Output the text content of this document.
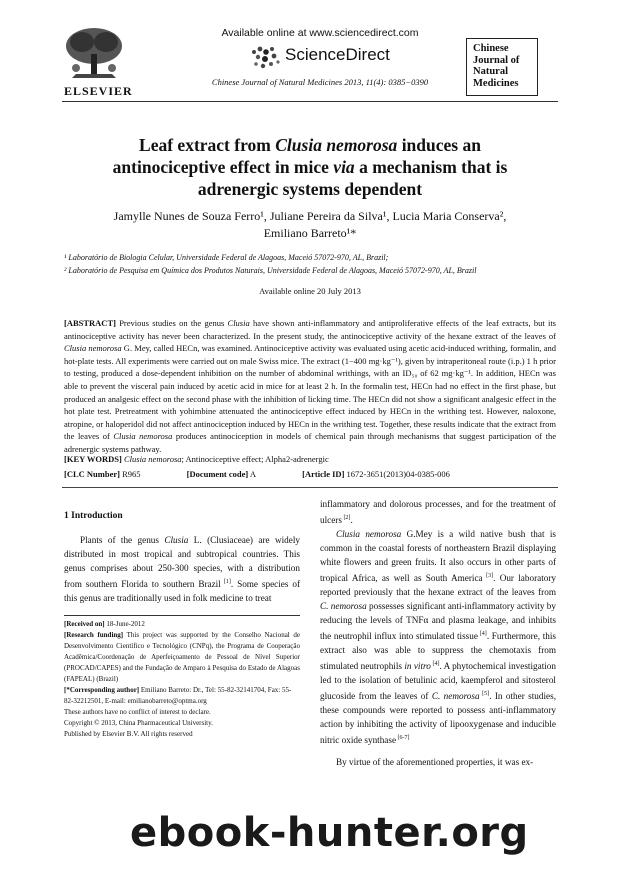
ELSEVIER
Available online at www.sciencedirect.com
ScienceDirect
Chinese Journal of Natural Medicines 2013, 11(4): 0385−0390
Chinese
Journal of
Natural
Medicines
Leaf extract from Clusia nemorosa induces an
antinociceptive effect in mice via a mechanism that is
adrenergic systems dependent
Jamylle Nunes de Souza Ferro¹, Juliane Pereira da Silva¹, Lucia Maria Conserva²,
Emiliano Barreto¹*
¹ Laboratório de Biologia Celular, Universidade Federal de Alagoas, Maceió 57072-970, AL, Brazil;
² Laboratório de Pesquisa em Química dos Produtos Naturais, Universidade Federal de Alagoas, Maceió 57072-970, AL, Brazil
Available online 20 July 2013
[ABSTRACT] Previous studies on the genus Clusia have shown anti-inflammatory and antiproliferative effects of the leaf extracts, but its antinociceptive activity has never been characterized. In the present study, the antinociceptive activity of the hexane extract of the leaves of Clusia nemorosa G. Mey, called HECn, was examined. Antinociceptive activity was evaluated using acetic acid-induced writhing, formalin, and hot-plate tests. All experiments were carried out on male Swiss mice. The extract (1−400 mg·kg⁻¹), given by intraperitoneal route (i.p.) 1 h prior to testing, produced a dose-dependent inhibition on the number of abdominal writhings, with an ID₅₀ of 62 mg·kg⁻¹. In addition, HECn was able to prevent the visceral pain induced by acetic acid in mice for at least 2 h. In the formalin test, HECn had no effect in the first phase, but produced an analgesic effect on the second phase with the inhibition of licking time. The HECn did not show a significant analgesic effect in the hot plate test. Pretreatment with yohimbine attenuated the antinociceptive effect induced by HECn in the writhing test. However, naloxone, atropine, or haloperidol did not affect antinociception induced by HECn in the writhing test. Together, these results indicate that the extract from the leaves of Clusia nemorosa produces antinociception in models of chemical pain through mechanisms that suggest participation of the adrenergic systems pathway.
[KEY WORDS] Clusia nemorosa; Antinociceptive effect; Alpha2-adrenergic
[CLC Number] R965	[Document code] A	[Article ID] 1672-3651(2013)04-0385-006
1 Introduction

Plants of the genus Clusia L. (Clusiaceae) are widely distributed in most tropical and subtropical countries. This genus comprises about 250-300 species, with a distribution from southern Florida to southern Brazil [1]. Some species of this genus are traditionally used in folk medicine to treat

[Received on] 18-June-2012

[Research funding] This project was supported by the Conselho Nacional de Desenvolvimento Científico e Tecnológico (CNPq), the Programa de Cooperação Acadêmica/Coordenação de Aperfeiçoamento de Pessoal de Nível Superior (PROCAD/CAPES) and the Fundação de Amparo à Pesquisa do Estado de Alagoas (FAPEAL) (Brazil)

[*Corresponding author] Emiliano Barreto: Dr., Tel: 55-82-32141704, Fax: 55-82-32212501, E-mail: emilianobarreto@optma.org

These authors have no conflict of interest to declare.

Copyright © 2013, China Pharmaceutical University.

Published by Elsevier B.V. All rights reserved

inflammatory and dolorous processes, and for the treatment of ulcers [2].

Clusia nemorosa G.Mey is a wild native bush that is common in the coastal forests of northeastern Brazil displaying white flowers and green fruits. It also occurs in other parts of tropical Africa, as well as South America [3]. Our laboratory reported previously that the hexane extract of the leaves from C. nemorosa possesses significant anti-inflammatory activity by reducing the levels of TNFα and plasma leakage, and inhibits the neutrophil influx into stimulated tissue [4]. Furthermore, this extract also was able to suppress the chemotaxis from stimulated neutrophils in vitro [4]. A phytochemical investigation led to the isolation of betulinic acid, kaempferol and sitosterol glucoside from the leaves of C. nemorosa [5]. In other studies, these compounds were reported to possess anti-inflammatory action by inhibiting the activity of lipooxygenase and inducible nitric oxide synthase [6-7]

By virtue of the aforementioned properties, it was ex-

ebook-hunter.org
